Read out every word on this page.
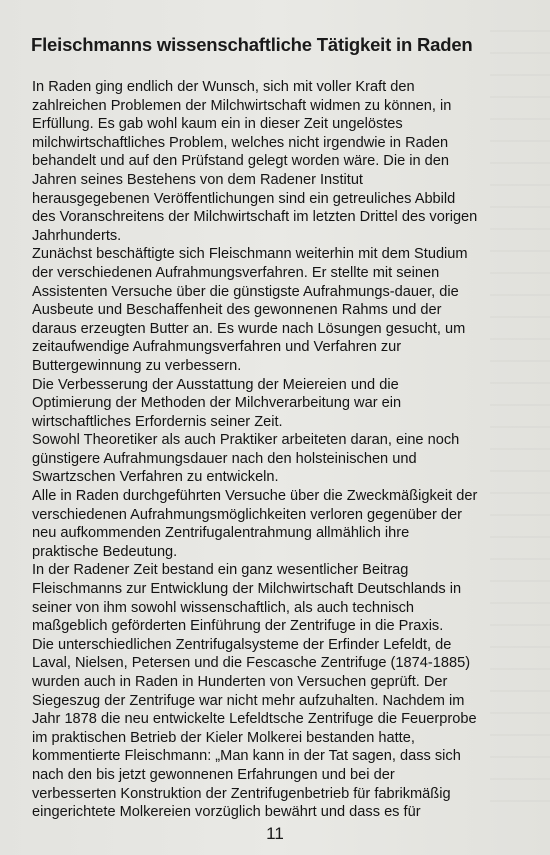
Fleischmanns wissenschaftliche Tätigkeit in Raden

In Raden ging endlich der Wunsch, sich mit voller Kraft den
zahlreichen Problemen der Milchwirtschaft widmen zu können, in
Erfüllung. Es gab wohl kaum ein in dieser Zeit ungelöstes
milchwirtschaftliches Problem, welches nicht irgendwie in Raden
behandelt und auf den Prüfstand gelegt worden wäre. Die in den
Jahren seines Bestehens von dem Radener Institut
herausgegebenen Veröffentlichungen sind ein getreuliches Abbild
des Voranschreitens der Milchwirtschaft im letzten Drittel des vorigen
Jahrhunderts.

Zunächst beschäftigte sich Fleischmann weiterhin mit dem Studium
der verschiedenen Aufrahmungsverfahren. Er stellte mit seinen
Assistenten Versuche über die günstigste Aufrahmungs-dauer, die
Ausbeute und Beschaffenheit des gewonnenen Rahms und der
daraus erzeugten Butter an. Es wurde nach Lösungen gesucht, um
zeitaufwendige Aufrahmungsverfahren und Verfahren zur
Buttergewinnung zu verbessern.

Die Verbesserung der Ausstattung der Meiereien und die
Optimierung der Methoden der Milchverarbeitung war ein
wirtschaftliches Erfordernis seiner Zeit.

Sowohl Theoretiker als auch Praktiker arbeiteten daran, eine noch
günstigere Aufrahmungsdauer nach den holsteinischen und
Swartzschen Verfahren zu entwickeln.

Alle in Raden durchgeführten Versuche über die Zweckmäßigkeit der
verschiedenen Aufrahmungsmöglichkeiten verloren gegenüber der
neu aufkommenden Zentrifugalentrahmung allmählich ihre
praktische Bedeutung.

In der Radener Zeit bestand ein ganz wesentlicher Beitrag
Fleischmanns zur Entwicklung der Milchwirtschaft Deutschlands in
seiner von ihm sowohl wissenschaftlich, als auch technisch
maßgeblich geförderten Einführung der Zentrifuge in die Praxis.
Die unterschiedlichen Zentrifugalsysteme der Erfinder Lefeldt, de
Laval, Nielsen, Petersen und die Fescasche Zentrifuge (1874-1885)
wurden auch in Raden in Hunderten von Versuchen geprüft. Der
Siegeszug der Zentrifuge war nicht mehr aufzuhalten. Nachdem im
Jahr 1878 die neu entwickelte Lefeldtsche Zentrifuge die Feuerprobe
im praktischen Betrieb der Kieler Molkerei bestanden hatte,
kommentierte Fleischmann: „Man kann in der Tat sagen, dass sich
nach den bis jetzt gewonnenen Erfahrungen und bei der
verbesserten Konstruktion der Zentrifugenbetrieb für fabrikmäßig
eingerichtete Molkereien vorzüglich bewährt und dass es für

11
